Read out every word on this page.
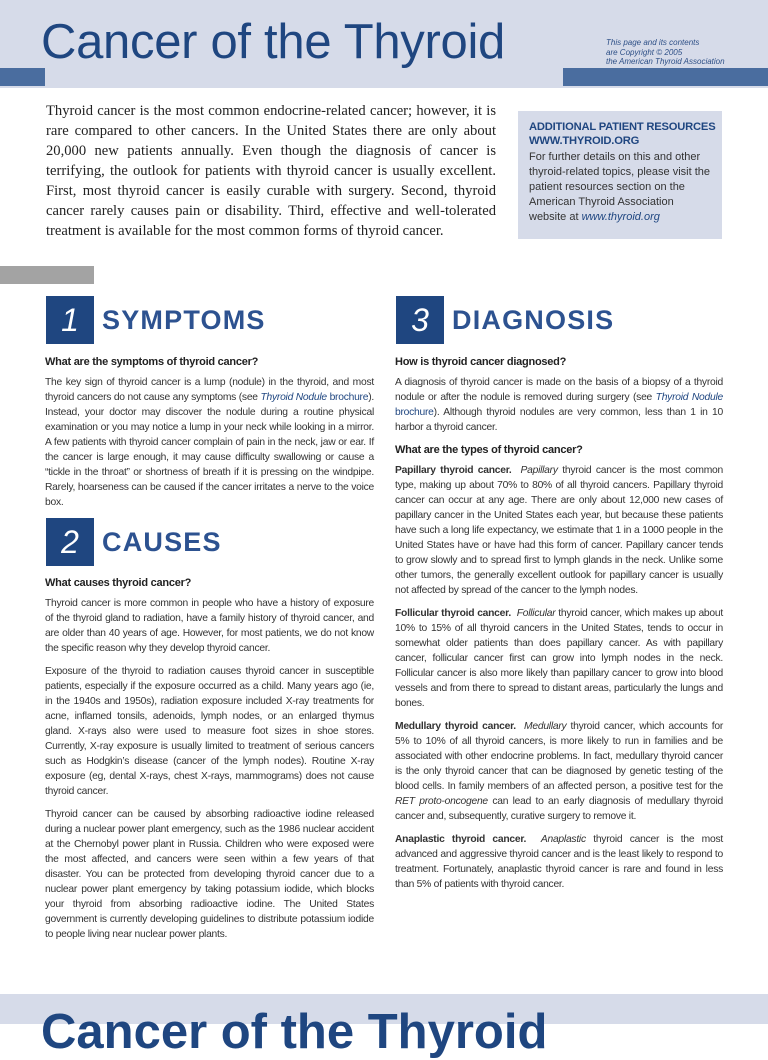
Cancer of the Thyroid	This page and its contents
are Copyright © 2005
the American Thyroid Association

Thyroid cancer is the most common endocrine-related cancer; however, it is rare compared to other cancers. In the United States there are only about 20,000 new patients annually. Even though the diagnosis of cancer is terrifying, the outlook for patients with thyroid cancer is usually excellent. First, most thyroid cancer is easily curable with surgery. Second, thyroid cancer rarely causes pain or disability. Third, effective and well-tolerated treatment is available for the most common forms of thyroid cancer.

ADDITIONAL PATIENT RESOURCES
WWW.THYROID.ORG
For further details on this and other thyroid-related topics, please visit the patient resources section on the American Thyroid Association website at www.thyroid.org
1 SYMPTOMS
What are the symptoms of thyroid cancer?

The key sign of thyroid cancer is a lump (nodule) in the thyroid, and most thyroid cancers do not cause any symptoms (see Thyroid Nodule brochure). Instead, your doctor may discover the nodule during a routine physical examination or you may notice a lump in your neck while looking in a mirror. A few patients with thyroid cancer complain of pain in the neck, jaw or ear. If the cancer is large enough, it may cause difficulty swallowing or cause a “tickle in the throat” or shortness of breath if it is pressing on the windpipe. Rarely, hoarseness can be caused if the cancer irritates a nerve to the voice box.

2 CAUSES
What causes thyroid cancer?

Thyroid cancer is more common in people who have a history of exposure of the thyroid gland to radiation, have a family history of thyroid cancer, and are older than 40 years of age. However, for most patients, we do not know the specific reason why they develop thyroid cancer.

Exposure of the thyroid to radiation causes thyroid cancer in susceptible patients, especially if the exposure occurred as a child. Many years ago (ie, in the 1940s and 1950s), radiation exposure included X-ray treatments for acne, inflamed tonsils, adenoids, lymph nodes, or an enlarged thymus gland. X-rays also were used to measure foot sizes in shoe stores. Currently, X-ray exposure is usually limited to treatment of serious cancers such as Hodgkin’s disease (cancer of the lymph nodes). Routine X-ray exposure (eg, dental X-rays, chest X-rays, mammograms) does not cause thyroid cancer.

Thyroid cancer can be caused by absorbing radioactive iodine released during a nuclear power plant emergency, such as the 1986 nuclear accident at the Chernobyl power plant in Russia. Children who were exposed were the most affected, and cancers were seen within a few years of that disaster. You can be protected from developing thyroid cancer due to a nuclear power plant emergency by taking potassium iodide, which blocks your thyroid from absorbing radioactive iodine. The United States government is currently developing guidelines to distribute potassium iodide to people living near nuclear power plants.

3 DIAGNOSIS
How is thyroid cancer diagnosed?

A diagnosis of thyroid cancer is made on the basis of a biopsy of a thyroid nodule or after the nodule is removed during surgery (see Thyroid Nodule brochure). Although thyroid nodules are very common, less than 1 in 10 harbor a thyroid cancer.

What are the types of thyroid cancer?

Papillary thyroid cancer. Papillary thyroid cancer is the most common type, making up about 70% to 80% of all thyroid cancers. Papillary thyroid cancer can occur at any age. There are only about 12,000 new cases of papillary cancer in the United States each year, but because these patients have such a long life expectancy, we estimate that 1 in a 1000 people in the United States have or have had this form of cancer. Papillary cancer tends to grow slowly and to spread first to lymph glands in the neck. Unlike some other tumors, the generally excellent outlook for papillary cancer is usually not affected by spread of the cancer to the lymph nodes.

Follicular thyroid cancer. Follicular thyroid cancer, which makes up about 10% to 15% of all thyroid cancers in the United States, tends to occur in somewhat older patients than does papillary cancer. As with papillary cancer, follicular cancer first can grow into lymph nodes in the neck. Follicular cancer is also more likely than papillary cancer to grow into blood vessels and from there to spread to distant areas, particularly the lungs and bones.

Medullary thyroid cancer. Medullary thyroid cancer, which accounts for 5% to 10% of all thyroid cancers, is more likely to run in families and be associated with other endocrine problems. In fact, medullary thyroid cancer is the only thyroid cancer that can be diagnosed by genetic testing of the blood cells. In family members of an affected person, a positive test for the RET proto-oncogene can lead to an early diagnosis of medullary thyroid cancer and, subsequently, curative surgery to remove it.

Anaplastic thyroid cancer. Anaplastic thyroid cancer is the most advanced and aggressive thyroid cancer and is the least likely to respond to treatment. Fortunately, anaplastic thyroid cancer is rare and found in less than 5% of patients with thyroid cancer.

Cancer of the Thyroid
